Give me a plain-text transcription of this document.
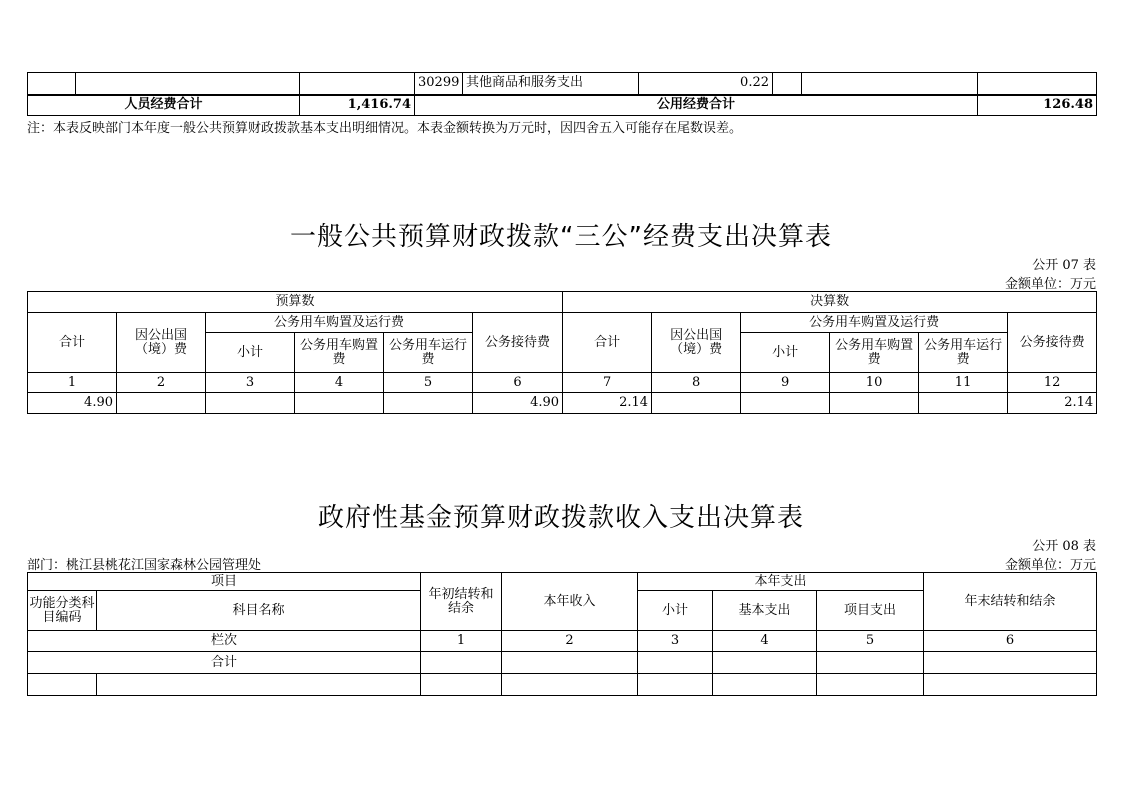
			30299	其他商品和服务支出	0.22			
人员经费合计		1,416.74	公用经费合计					126.48
注：本表反映部门本年度一般公共预算财政拨款基本支出明细情况。本表金额转换为万元时，因四舍五入可能存在尾数误差。
一般公共预算财政拨款“三公”经费支出决算表
公开 07 表
金额单位：万元
预算数						决算数					
合计	因公出国（境）费	公务用车购置及运行费			公务接待费	合计	因公出国（境）费	公务用车购置及运行费			公务接待费
		小计	公务用车购置费	公务用车运行费				小计	公务用车购置费	公务用车运行费	
1	2	3	4	5	6	7	8	9	10	11	12
4.90					4.90	2.14					2.14
政府性基金预算财政拨款收入支出决算表
公开 08 表
部门：桃江县桃花江国家森林公园管理处	金额单位：万元
项目		年初结转和结余	本年收入	本年支出			年末结转和结余
功能分类科目编码	科目名称			小计	基本支出	项目支出	
栏次		1	2	3	4	5	6
合计							
